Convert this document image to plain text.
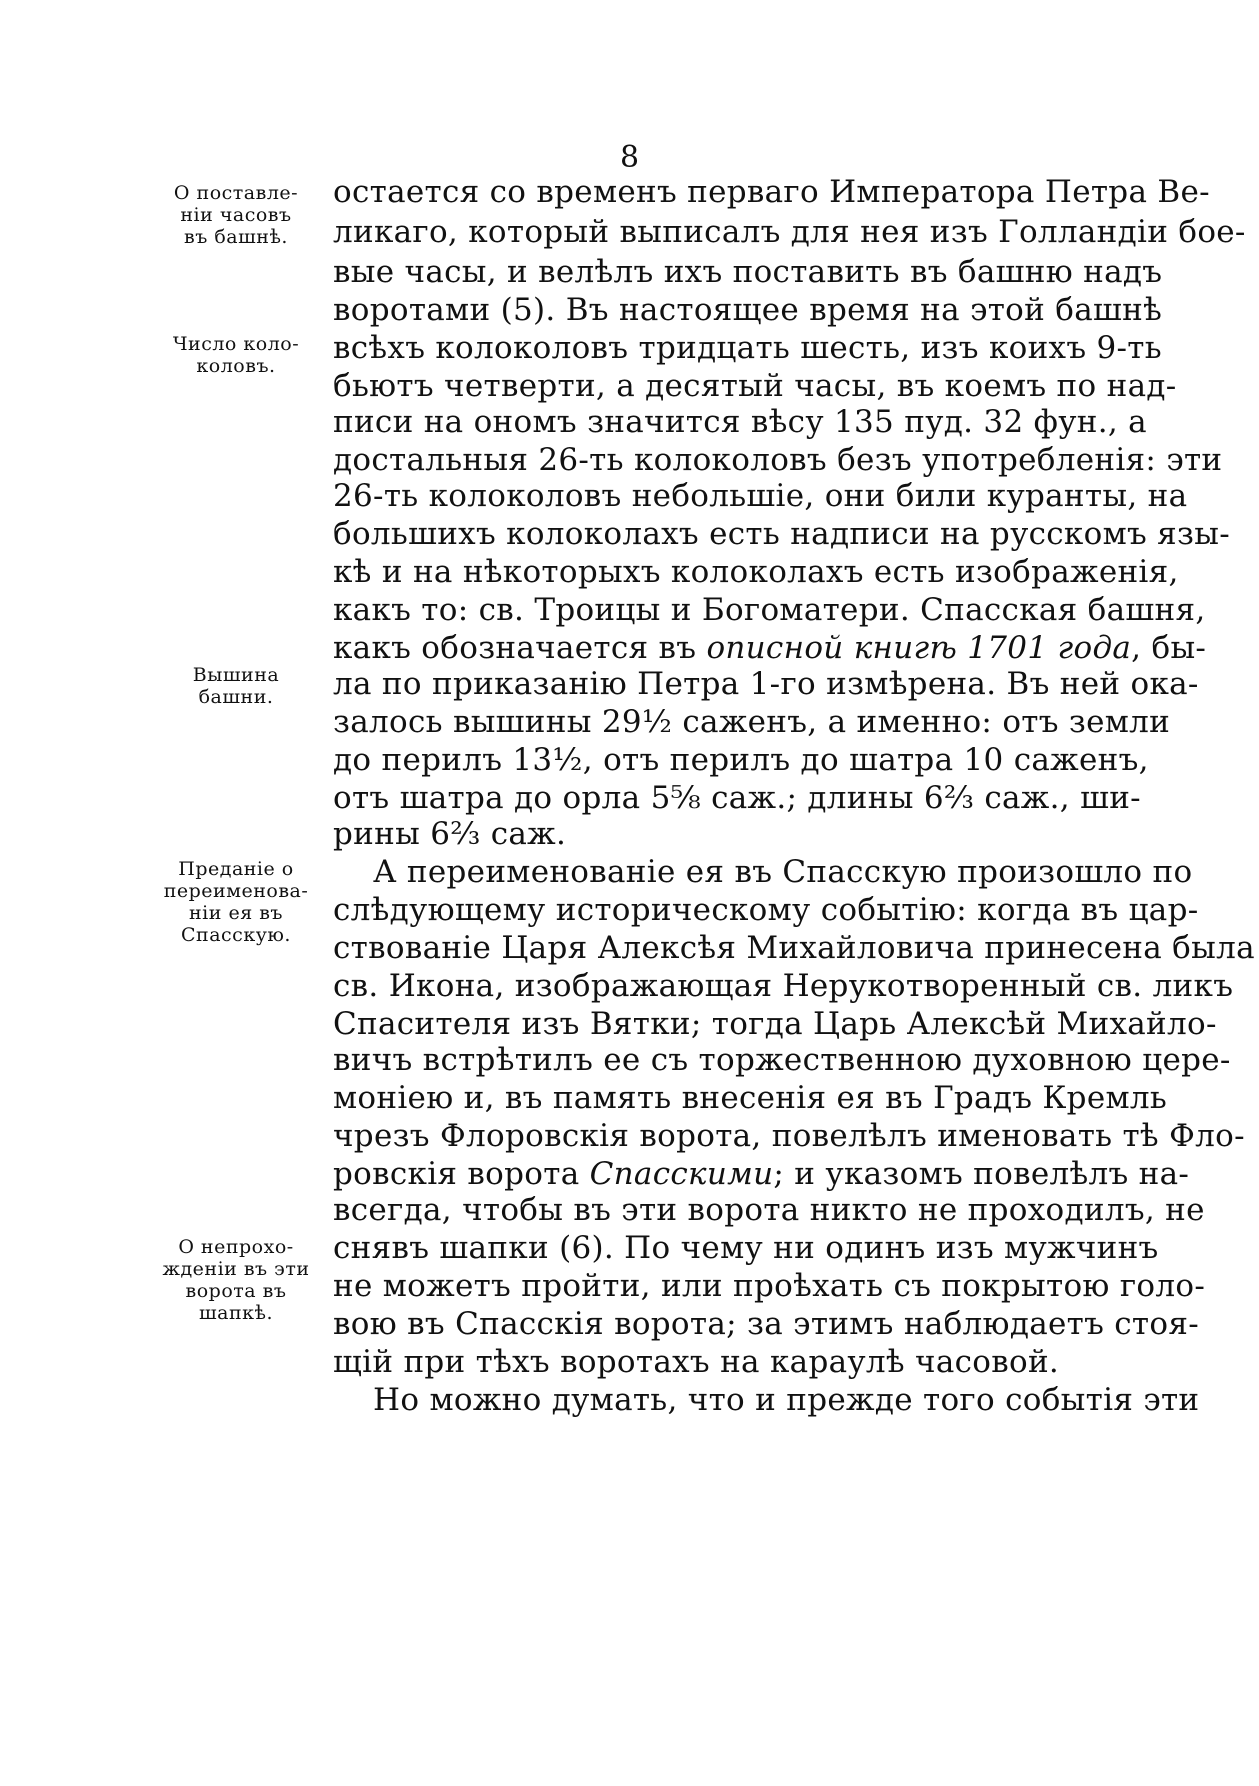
8
О поставле-
ніи часовъ
въ башнѣ.
Число коло-
коловъ.
Вышина
башни.
Преданіе о
переименова-
ніи ея въ
Спасскую.
О непрохо-
жденіи въ эти
ворота въ
шапкѣ.
остается со временъ перваго Императора Петра Ве-
ликаго, который выписалъ для нея изъ Голландіи бое-
вые часы, и велѣлъ ихъ поставить въ башню надъ
воротами (5). Въ настоящее время на этой башнѣ
всѣхъ колоколовъ тридцать шесть, изъ коихъ 9-ть
бьютъ четверти, а десятый часы, въ коемъ по над-
писи на ономъ значится вѣсу 135 пуд. 32 фун., а
достальныя 26-ть колоколовъ безъ употребленія: эти
26-ть колоколовъ небольшіе, они били куранты, на
большихъ колоколахъ есть надписи на русскомъ язы-
кѣ и на нѣкоторыхъ колоколахъ есть изображенія,
какъ то: св. Троицы и Богоматери. Спасская башня,
какъ обозначается въ описной книгѣ 1701 года, бы-
ла по приказанію Петра 1-го измѣрена. Въ ней ока-
залось вышины 29½ саженъ, а именно: отъ земли
до перилъ 13½, отъ перилъ до шатра 10 саженъ,
отъ шатра до орла 5⅝ саж.; длины 6⅔ саж., ши-
рины 6⅔ саж.
А переименованіе ея въ Спасскую произошло по
слѣдующему историческому событію: когда въ цар-
ствованіе Царя Алексѣя Михайловича принесена была
св. Икона, изображающая Нерукотворенный св. ликъ
Спасителя изъ Вятки; тогда Царь Алексѣй Михайло-
вичъ встрѣтилъ ее съ торжественною духовною цере-
моніею и, въ память внесенія ея въ Градъ Кремль
чрезъ Флоровскія ворота, повелѣлъ именовать тѣ Фло-
ровскія ворота Спасскими; и указомъ повелѣлъ на-
всегда, чтобы въ эти ворота никто не проходилъ, не
снявъ шапки (6). По чему ни одинъ изъ мужчинъ
не можетъ пройти, или проѣхать съ покрытою голо-
вою въ Спасскія ворота; за этимъ наблюдаетъ стоя-
щій при тѣхъ воротахъ на караулѣ часовой.
Но можно думать, что и прежде того событія эти
